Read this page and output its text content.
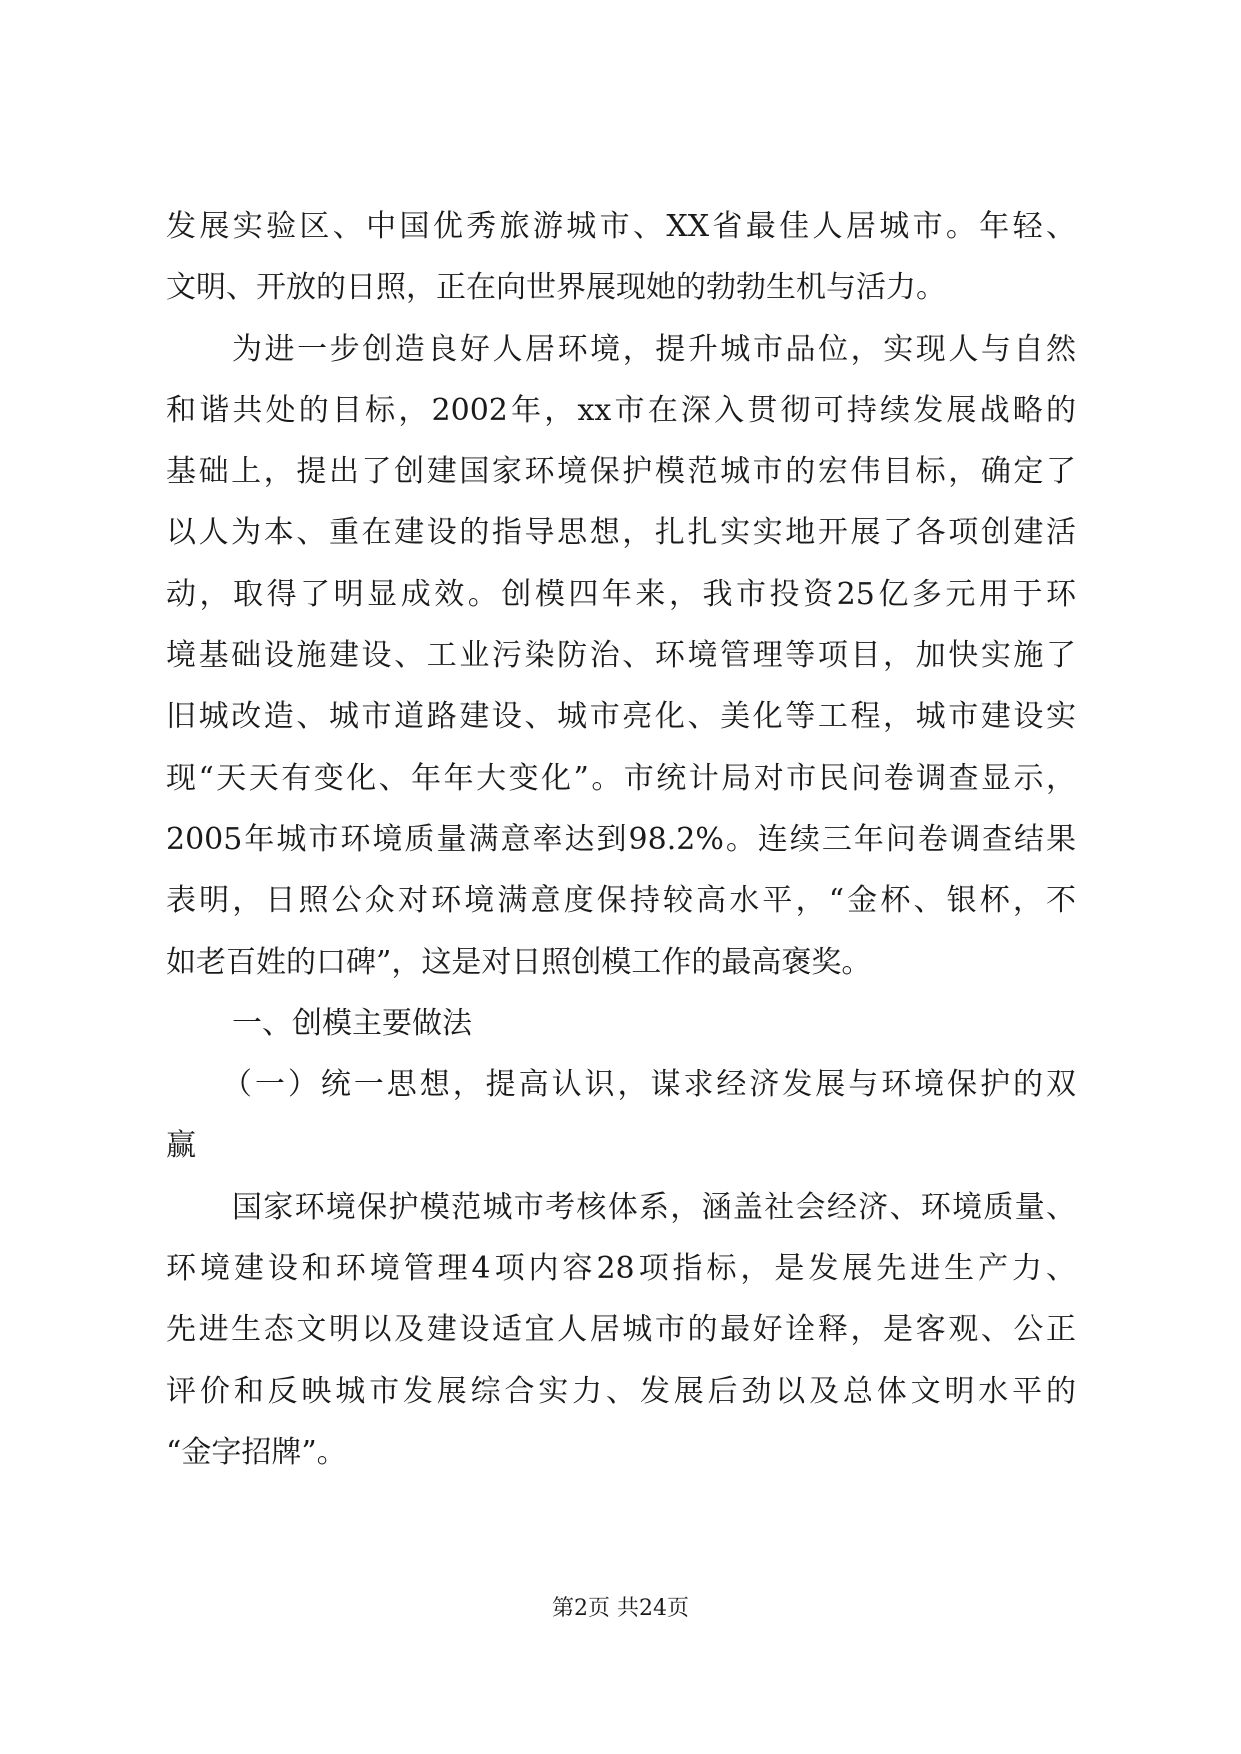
发展实验区、中国优秀旅游城市、XX省最佳人居城市。年轻、
文明、开放的日照，正在向世界展现她的勃勃生机与活力。
为进一步创造良好人居环境，提升城市品位，实现人与自然
和谐共处的目标，2002年，xx市在深入贯彻可持续发展战略的
基础上，提出了创建国家环境保护模范城市的宏伟目标，确定了
以人为本、重在建设的指导思想，扎扎实实地开展了各项创建活
动，取得了明显成效。创模四年来，我市投资25亿多元用于环
境基础设施建设、工业污染防治、环境管理等项目，加快实施了
旧城改造、城市道路建设、城市亮化、美化等工程，城市建设实
现“天天有变化、年年大变化”。市统计局对市民问卷调查显示，
2005年城市环境质量满意率达到98.2%。连续三年问卷调查结果
表明，日照公众对环境满意度保持较高水平，“金杯、银杯，不
如老百姓的口碑”，这是对日照创模工作的最高褒奖。
一、创模主要做法
（一）统一思想，提高认识，谋求经济发展与环境保护的双
赢
国家环境保护模范城市考核体系，涵盖社会经济、环境质量、
环境建设和环境管理4项内容28项指标，是发展先进生产力、
先进生态文明以及建设适宜人居城市的最好诠释，是客观、公正
评价和反映城市发展综合实力、发展后劲以及总体文明水平的
“金字招牌”。
第2页 共24页
